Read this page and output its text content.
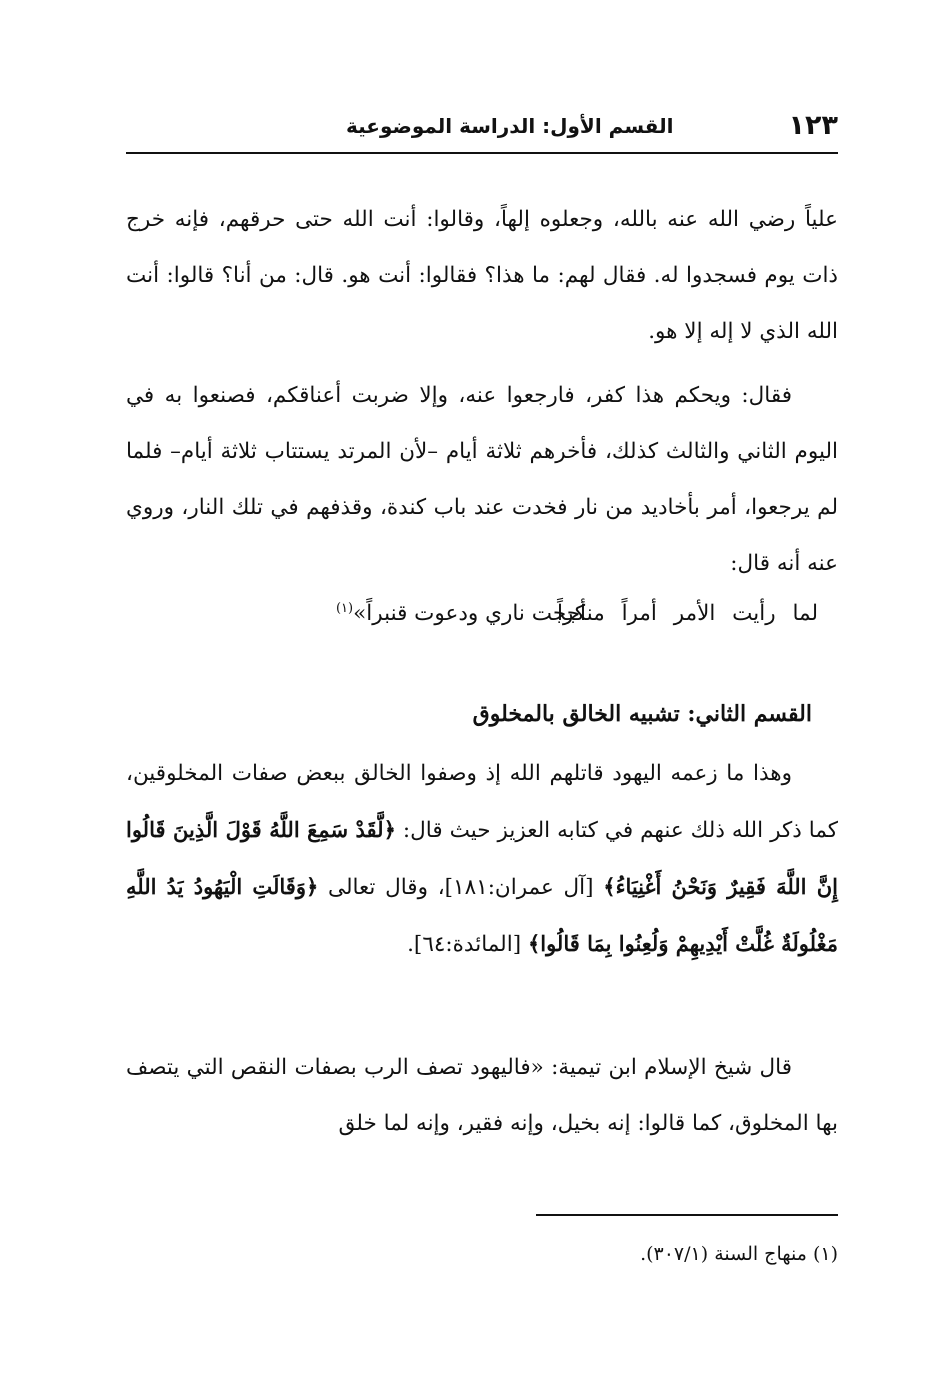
١٢٣
القسم الأول: الدراسة الموضوعية

علياً رضي الله عنه بالله، وجعلوه إلهاً، وقالوا: أنت الله حتى حرقهم، فإنه خرج ذات يوم فسجدوا له. فقال لهم: ما هذا؟ فقالوا: أنت هو. قال: من أنا؟ قالوا: أنت الله الذي لا إله إلا هو.

فقال: ويحكم هذا كفر، فارجعوا عنه، وإلا ضربت أعناقكم، فصنعوا به في اليوم الثاني والثالث كذلك، فأخرهم ثلاثة أيام –لأن المرتد يستتاب ثلاثة أيام– فلما لم يرجعوا، أمر بأخاديد من نار فخدت عند باب كندة، وقذفهم في تلك النار، وروي عنه أنه قال:

لما رأيت الأمر أمراً منكراً
أججت ناري ودعوت قنبراً»$^{(١)}$
القسم الثاني: تشبيه الخالق بالمخلوق

وهذا ما زعمه اليهود قاتلهم الله إذ وصفوا الخالق ببعض صفات المخلوقين، كما ذكر الله ذلك عنهم في كتابه العزيز حيث قال: ﴿لَّقَدْ سَمِعَ اللَّهُ قَوْلَ الَّذِينَ قَالُوا إِنَّ اللَّهَ فَقِيرٌ وَنَحْنُ أَغْنِيَاءُ﴾ [آل عمران:١٨١]، وقال تعالى ﴿وَقَالَتِ الْيَهُودُ يَدُ اللَّهِ مَغْلُولَةٌ غُلَّتْ أَيْدِيهِمْ وَلُعِنُوا بِمَا قَالُوا﴾ [المائدة:٦٤].

قال شيخ الإسلام ابن تيمية: «فاليهود تصف الرب بصفات النقص التي يتصف بها المخلوق، كما قالوا: إنه بخيل، وإنه فقير، وإنه لما خلق

(١) منهاج السنة (٣٠٧/١).
